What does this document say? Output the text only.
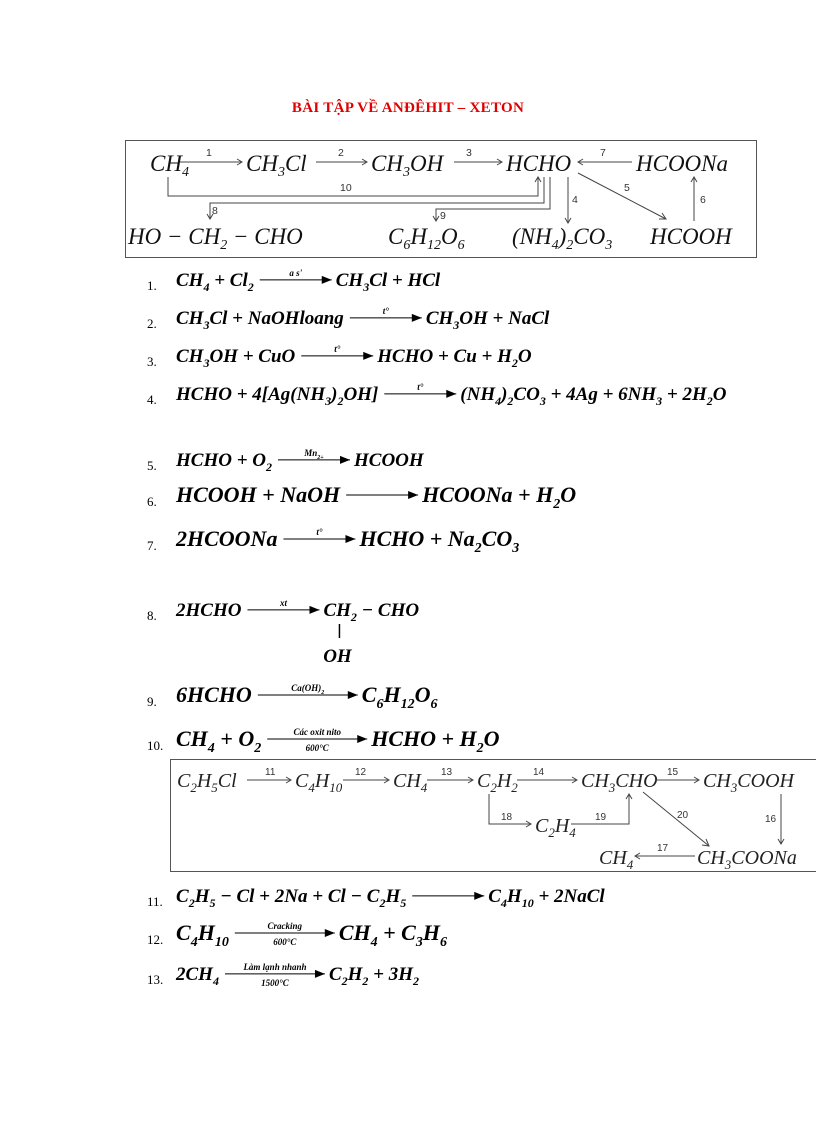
BÀI TẬP VỀ ANĐÊHIT – XETON
$CH_4$ $CH_3Cl$	$CH_3OH$	HCHO	HCOONa
HO − $CH_2$ − CHO	$C_6H_{12}O_6$ $(NH_4)_2CO_3$ HCOOH
1	2	3	7
10
8	9
4
5
6
1. $CH_4 + Cl_2$
a s' $CH_3Cl$ + HCl
2. $CH_3Cl$ + NaOHloang	t° $CH_3OH$ + NaCl
3. $CH_3OH$ + CuO	t° HCHO + $Cu + H_2O$
4. HCHO + $4[Ag(NH_3)_2OH]$	t° $(NH_4)_2CO_3 + 4Ag + 6NH_3 + 2H_2O$
5. HCHO + $O_2$
$Mn_{2+}$ HCOOH
6. HCOOH + NaOH	HCOONa + $H_2O$
7. 2HCOONa	t° HCHO + $Na_2CO_3$
8. 2HCHO	xt $CH_2$ − CHO
OH
9. 6HCHO	$Ca(OH)_2$ $C_6H_{12}O_6$
10. $CH_4 + O_2$
Các oxit nito
600°C HCHO + $H_2O$
11. $C_2H_5 - Cl + 2Na + Cl - C_2H_5$	$C_4H_{10}$ + 2NaCl
12. $C_4H_{10}$
Cracking
600°C $CH_4 + C_3H_6$
13. $2CH_4$
Làm lạnh nhanh
1500°C $C_2H_2 + 3H_2$
$C_2H_5Cl$	$C_4H_{10}$	$CH_4$ $C_2H_2$	$CH_3CHO$ $CH_3COOH$
$C_2H_4$
$CH_4$	$CH_3COONa$
11	12	13	14	15
18	19	20	16
17
